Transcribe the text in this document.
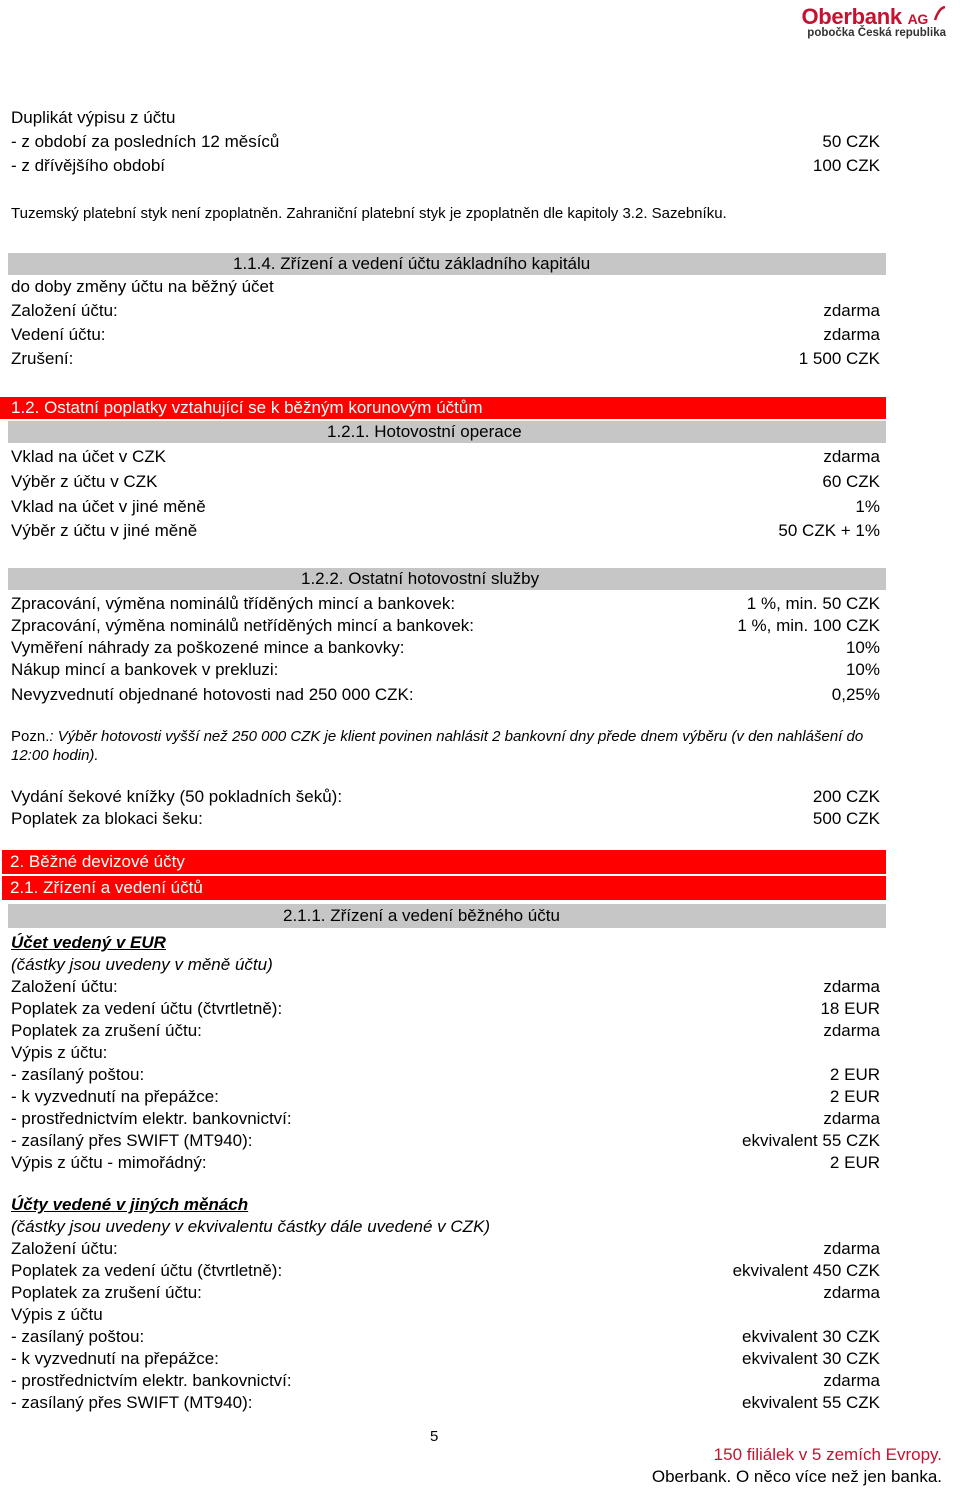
Oberbank AG
pobočka Česká republika
Duplikát výpisu z účtu
- z období za posledních 12 měsíců	50 CZK
- z dřívějšího období	100 CZK
Tuzemský platební styk není zpoplatněn. Zahraniční platební styk je zpoplatněn dle kapitoly 3.2. Sazebníku.
1.1.4. Zřízení a vedení účtu základního kapitálu
do doby změny účtu na běžný účet
Založení účtu:	zdarma
Vedení účtu:	zdarma
Zrušení:	1 500 CZK
1.2. Ostatní poplatky vztahující se k běžným korunovým účtům
1.2.1. Hotovostní operace
Vklad na účet v CZK	zdarma
Výběr z účtu v CZK	60 CZK
Vklad na účet v jiné měně	1%
Výběr z účtu v jiné měně	50 CZK + 1%
1.2.2. Ostatní hotovostní služby
Zpracování, výměna nominálů tříděných mincí a bankovek:	1 %, min. 50 CZK
Zpracování, výměna nominálů netříděných mincí a bankovek:	1 %, min. 100 CZK
Vyměření náhrady za poškozené mince a bankovky:	10%
Nákup mincí a bankovek v prekluzi:	10%
Nevyzvednutí objednané hotovosti nad 250 000 CZK:	0,25%
Pozn.: Výběr hotovosti vyšší než 250 000 CZK je klient povinen nahlásit 2 bankovní dny přede dnem výběru (v den nahlášení do 12:00 hodin).
Vydání šekové knížky (50 pokladních šeků):	200 CZK
Poplatek za blokaci šeku:	500 CZK
2. Běžné devizové účty
2.1. Zřízení a vedení účtů
2.1.1. Zřízení a vedení běžného účtu
Účet vedený v EUR
(částky jsou uvedeny v měně účtu)
Založení účtu:	zdarma
Poplatek za vedení účtu (čtvrtletně):	18 EUR
Poplatek za zrušení účtu:	zdarma
Výpis z účtu:
- zasílaný poštou:	2 EUR
- k vyzvednutí na přepážce:	2 EUR
- prostřednictvím elektr. bankovnictví:	zdarma
- zasílaný přes SWIFT (MT940):	ekvivalent 55 CZK
Výpis z účtu - mimořádný:	2 EUR
Účty vedené v jiných měnách
(částky jsou uvedeny v ekvivalentu částky dále uvedené v CZK)
Založení účtu:	zdarma
Poplatek za vedení účtu (čtvrtletně):	ekvivalent 450 CZK
Poplatek za zrušení účtu:	zdarma
Výpis z účtu
- zasílaný poštou:	ekvivalent 30 CZK
- k vyzvednutí na přepážce:	ekvivalent 30 CZK
- prostřednictvím elektr. bankovnictví:	zdarma
- zasílaný přes SWIFT (MT940):	ekvivalent 55 CZK
5
150 filiálek v 5 zemích Evropy.
Oberbank. O něco více než jen banka.
